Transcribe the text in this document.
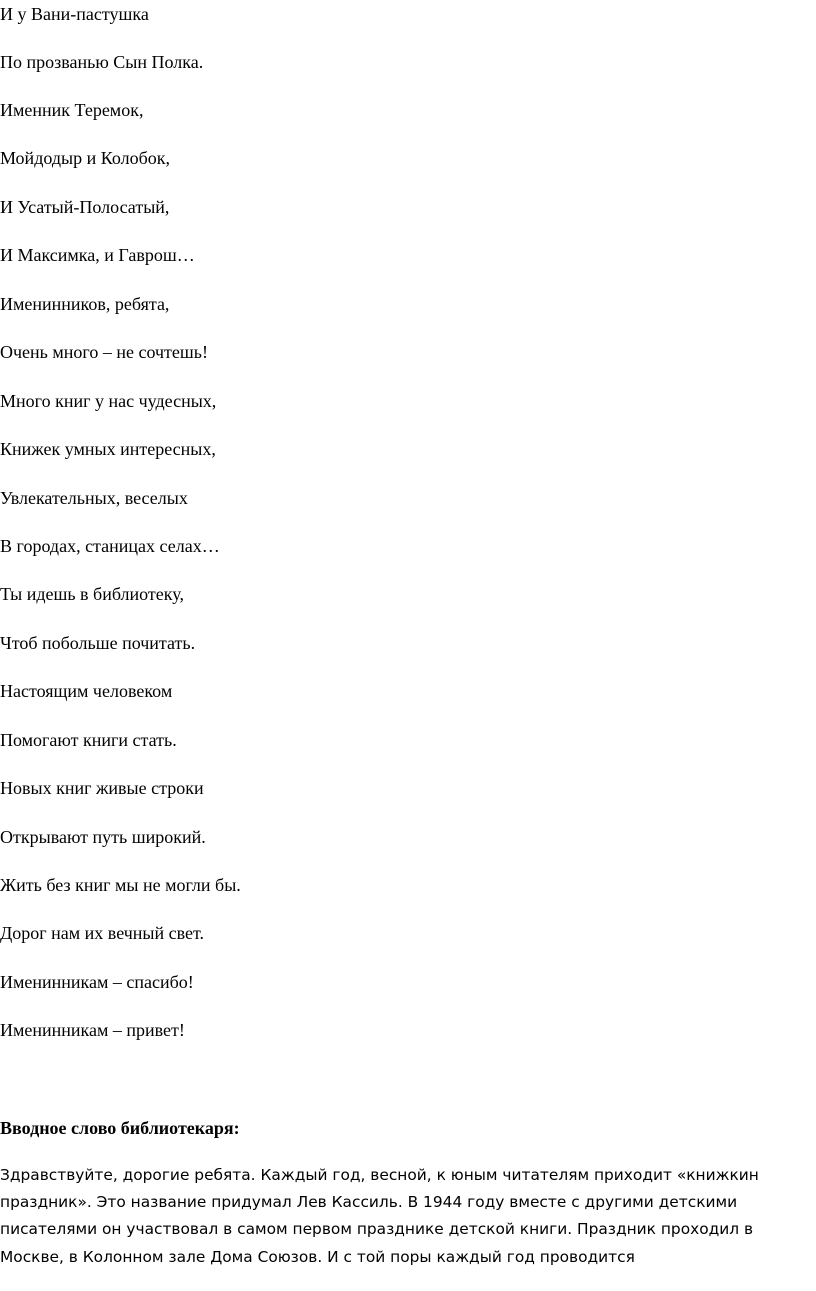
И у Вани-пастушка
По прозванью Сын Полка.
Именник Теремок,
Мойдодыр и Колобок,
И Усатый-Полосатый,
И Максимка, и Гаврош…
Именинников, ребята,
Очень много – не сочтешь!
Много книг у нас чудесных,
Книжек умных интересных,
Увлекательных, веселых
В городах, станицах селах…
Ты идешь в библиотеку,
Чтоб побольше почитать.
Настоящим человеком
Помогают книги стать.
Новых книг живые строки
Открывают путь широкий.
Жить без книг мы не могли бы.
Дорог нам их вечный свет.
Именинникам – спасибо!
Именинникам – привет!
Вводное слово библиотекаря:
Здравствуйте, дорогие ребята. Каждый год, весной, к юным читателям приходит «книжкин
праздник». Это название придумал Лев Кассиль. В 1944 году вместе с другими детскими
писателями он участвовал в самом первом празднике детской книги. Праздник проходил в
Москве, в Колонном зале Дома Союзов. И с той поры каждый год проводится
